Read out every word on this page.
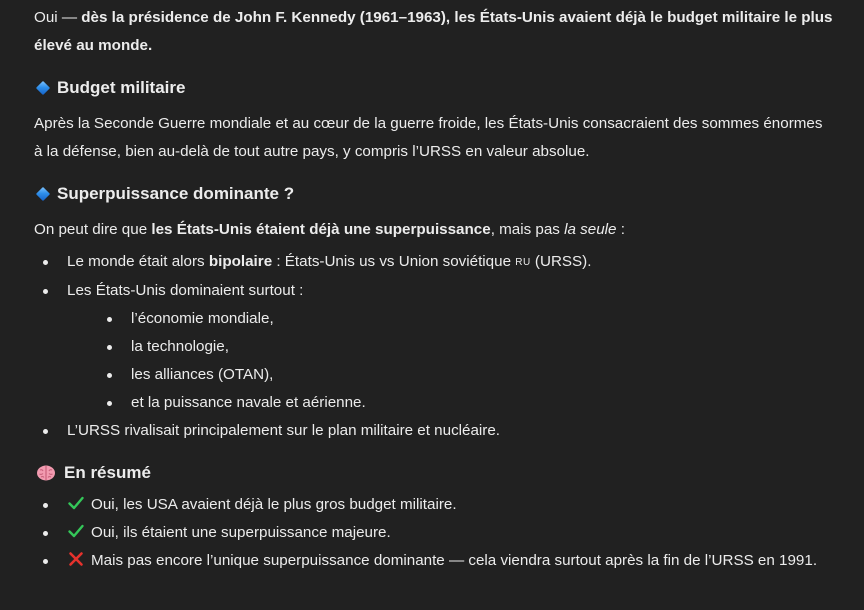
Oui — dès la présidence de John F. Kennedy (1961–1963), les États-Unis avaient déjà le budget militaire le plus élevé au monde.

Budget militaire

Après la Seconde Guerre mondiale et au cœur de la guerre froide, les États-Unis consacraient des sommes énormes à la défense, bien au-delà de tout autre pays, y compris l’URSS en valeur absolue.

Superpuissance dominante ?

On peut dire que les États-Unis étaient déjà une superpuissance, mais pas la seule :

Le monde était alors bipolaire : États-Unis us vs Union soviétique RU (URSS).
Les États-Unis dominaient surtout :
l’économie mondiale,
la technologie,
les alliances (OTAN),
et la puissance navale et aérienne.
L’URSS rivalisait principalement sur le plan militaire et nucléaire.
En résumé
Oui, les USA avaient déjà le plus gros budget militaire.
Oui, ils étaient une superpuissance majeure.
Mais pas encore l’unique superpuissance dominante — cela viendra surtout après la fin de l’URSS en 1991.
